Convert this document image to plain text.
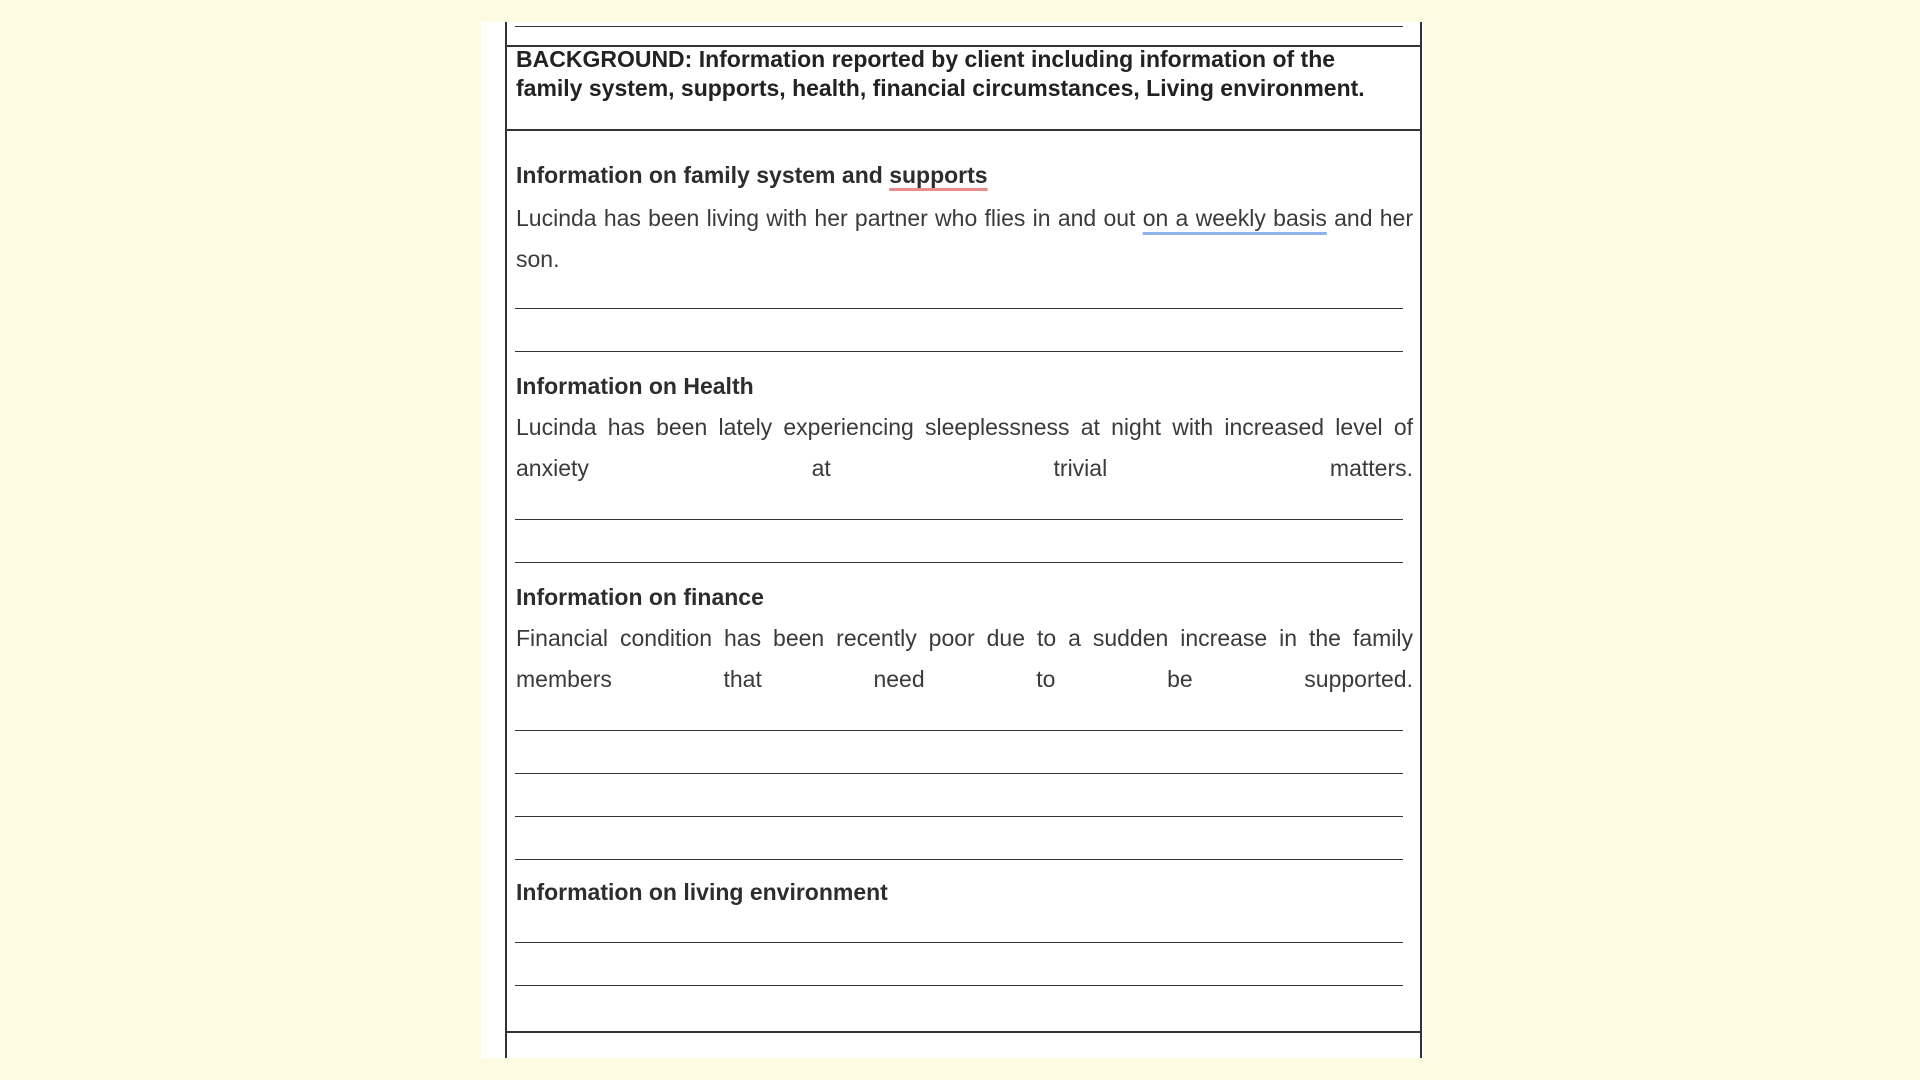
BACKGROUND: Information reported by client including information of the family system, supports, health, financial circumstances, Living environment.
Information on family system and supports
Lucinda has been living with her partner who flies in and out on a weekly basis and her son.
Information on Health
Lucinda has been lately experiencing sleeplessness at night with increased level of anxiety at trivial matters.
Information on finance
Financial condition has been recently poor due to a sudden increase in the family members that need to be supported.
Information on living environment
